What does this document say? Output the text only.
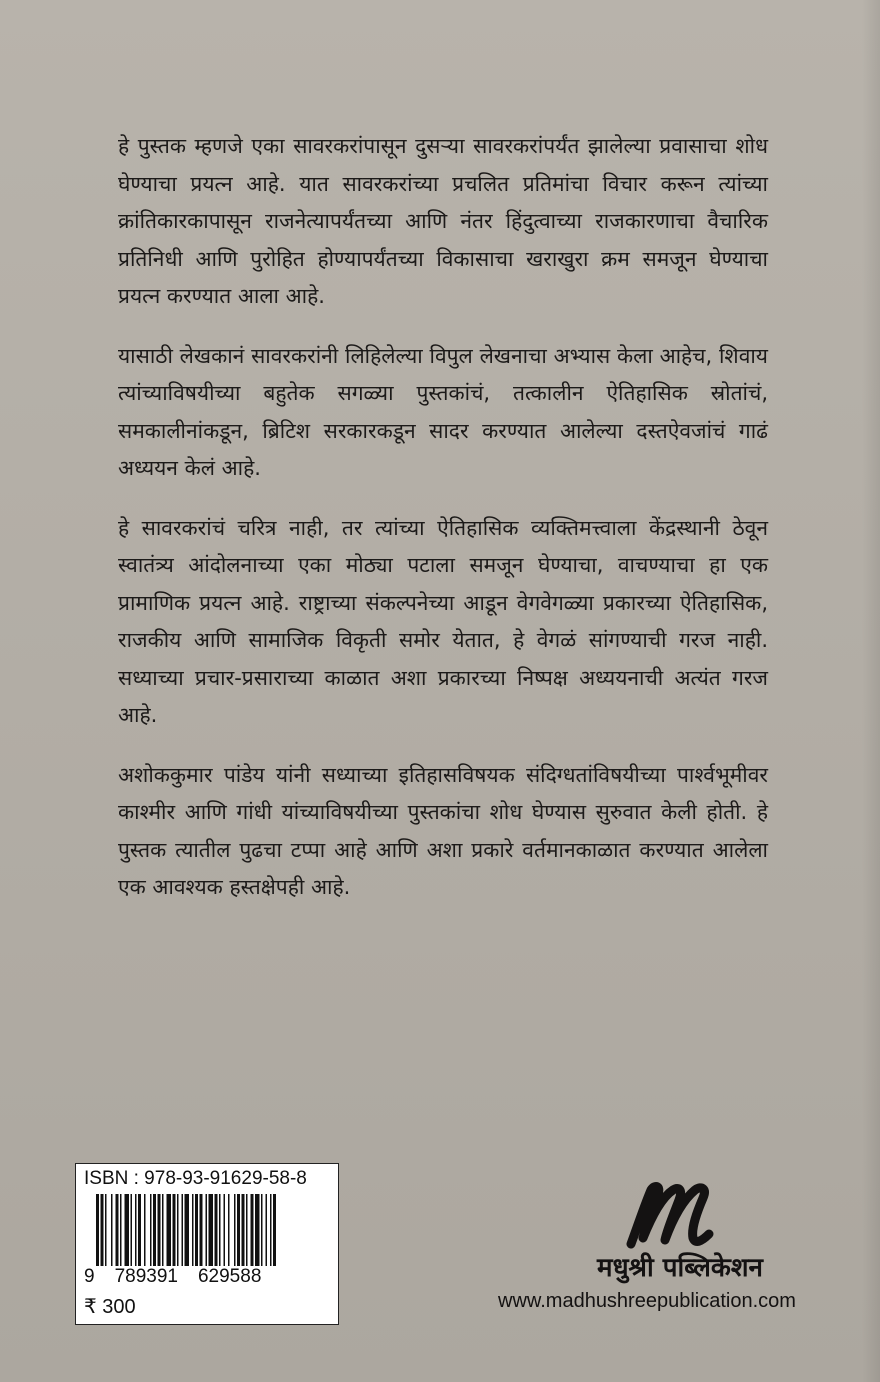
हे पुस्तक म्हणजे एका सावरकरांपासून दुसऱ्या सावरकरांपर्यंत झालेल्या प्रवासाचा शोध घेण्याचा प्रयत्न आहे. यात सावरकरांच्या प्रचलित प्रतिमांचा विचार करून त्यांच्या क्रांतिकारकापासून राजनेत्यापर्यंतच्या आणि नंतर हिंदुत्वाच्या राजकारणाचा वैचारिक प्रतिनिधी आणि पुरोहित होण्यापर्यंतच्या विकासाचा खराखुरा क्रम समजून घेण्याचा प्रयत्न करण्यात आला आहे.

यासाठी लेखकानं सावरकरांनी लिहिलेल्या विपुल लेखनाचा अभ्यास केला आहेच, शिवाय त्यांच्याविषयीच्या बहुतेक सगळ्या पुस्तकांचं, तत्कालीन ऐतिहासिक स्रोतांचं, समकालीनांकडून, ब्रिटिश सरकारकडून सादर करण्यात आलेल्या दस्तऐवजांचं गाढं अध्ययन केलं आहे.

हे सावरकरांचं चरित्र नाही, तर त्यांच्या ऐतिहासिक व्यक्तिमत्त्वाला केंद्रस्थानी ठेवून स्वातंत्र्य आंदोलनाच्या एका मोठ्या पटाला समजून घेण्याचा, वाचण्याचा हा एक प्रामाणिक प्रयत्न आहे. राष्ट्राच्या संकल्पनेच्या आडून वेगवेगळ्या प्रकारच्या ऐतिहासिक, राजकीय आणि सामाजिक विकृती समोर येतात, हे वेगळं सांगण्याची गरज नाही. सध्याच्या प्रचार-प्रसाराच्या काळात अशा प्रकारच्या निष्पक्ष अध्ययनाची अत्यंत गरज आहे.

अशोककुमार पांडेय यांनी सध्याच्या इतिहासविषयक संदिग्धतांविषयीच्या पार्श्वभूमीवर काश्मीर आणि गांधी यांच्याविषयीच्या पुस्तकांचा शोध घेण्यास सुरुवात केली होती. हे पुस्तक त्यातील पुढचा टप्पा आहे आणि अशा प्रकारे वर्तमानकाळात करण्यात आलेला एक आवश्यक हस्तक्षेपही आहे.

ISBN : 978-93-91629-58-8
9 789391 629588
₹ 300
मधुश्री पब्लिकेशन
www.madhushreepublication.com
